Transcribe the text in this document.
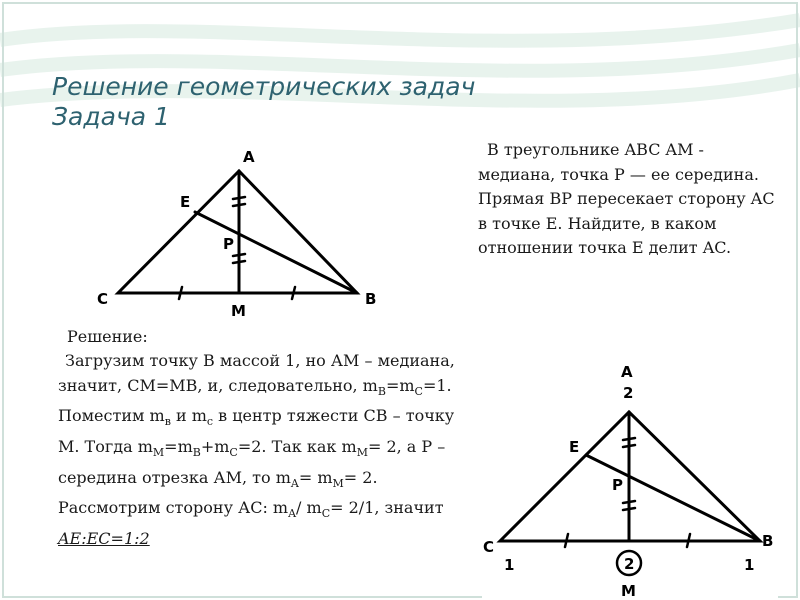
Решение геометрических задач
Задача 1
A
E
P
C
M
B

В треугольнике ABC AM - медиана, точка P — ее середина. Прямая BP пересекает сторону AC в точке E. Найдите, в каком отношении точка E делит AC.

Решение:
Загрузим точку В массой 1, но АМ – медиана, значит, СМ=МВ, и, следовательно, $m_B=m_C=1$. Поместим $m_в$ и $m_с$ в центр тяжести СВ – точку М. Тогда $m_M=m_B+m_C=2$. Так как $m_M= 2$, а Р – середина отрезка АМ, то $m_A= m_M= 2$. Рассмотрим сторону АС: $m_A/$ $m_C= 2/1$, значит AE:EC=1:2
A
2
E
P
C
1	2
M
B
1
